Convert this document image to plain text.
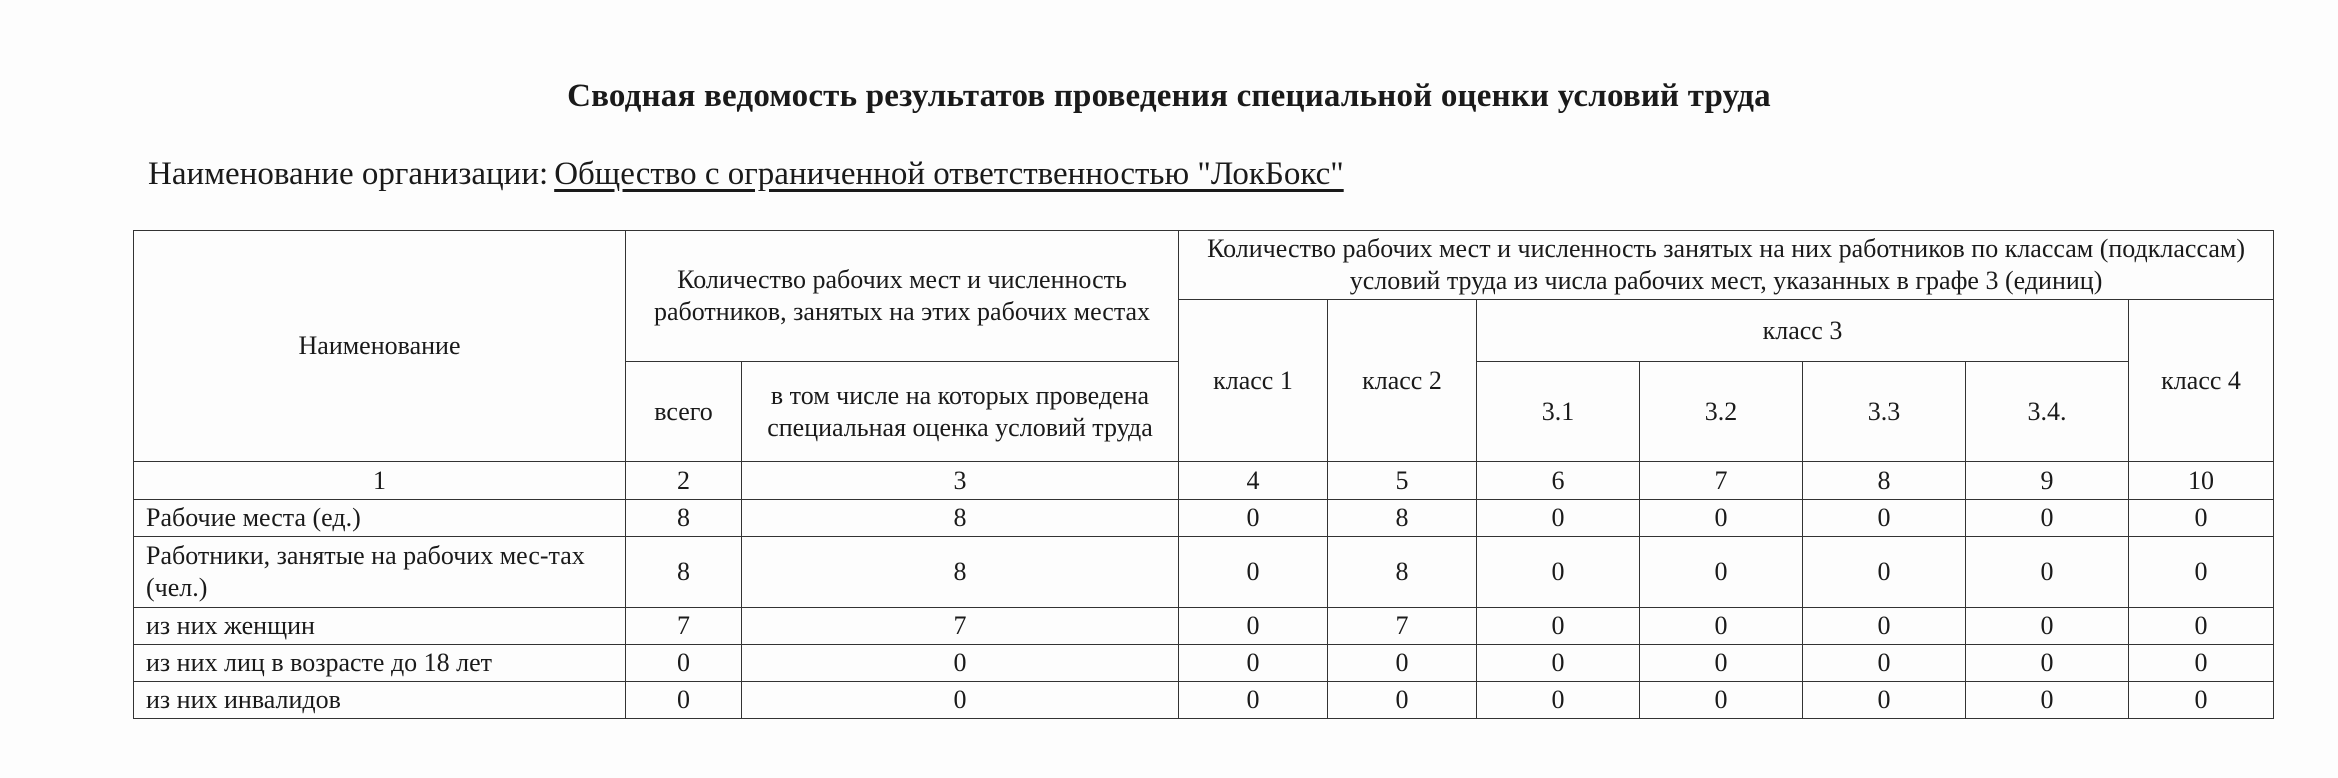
Сводная ведомость результатов проведения специальной оценки условий труда
Наименование организации: Общество с ограниченной ответственностью "ЛокБокс"
Наименование	Количество рабочих мест и численность работников, занятых на этих рабочих местах		Количество рабочих мест и численность занятых на них работников по классам (подклассам) условий труда из числа рабочих мест, указанных в графе 3 (единиц)						
			класс 1	класс 2	класс 3				класс 4
	всего	в том числе на которых проведена специальная оценка условий труда			3.1	3.2	3.3	3.4.	
1	2	3	4	5	6	7	8	9	10
Рабочие места (ед.)	8	8	0	8	0	0	0	0	0
Работники, занятые на рабочих мес-тах (чел.)	8	8	0	8	0	0	0	0	0
из них женщин	7	7	0	7	0	0	0	0	0
из них лиц в возрасте до 18 лет	0	0	0	0	0	0	0	0	0
из них инвалидов	0	0	0	0	0	0	0	0	0
